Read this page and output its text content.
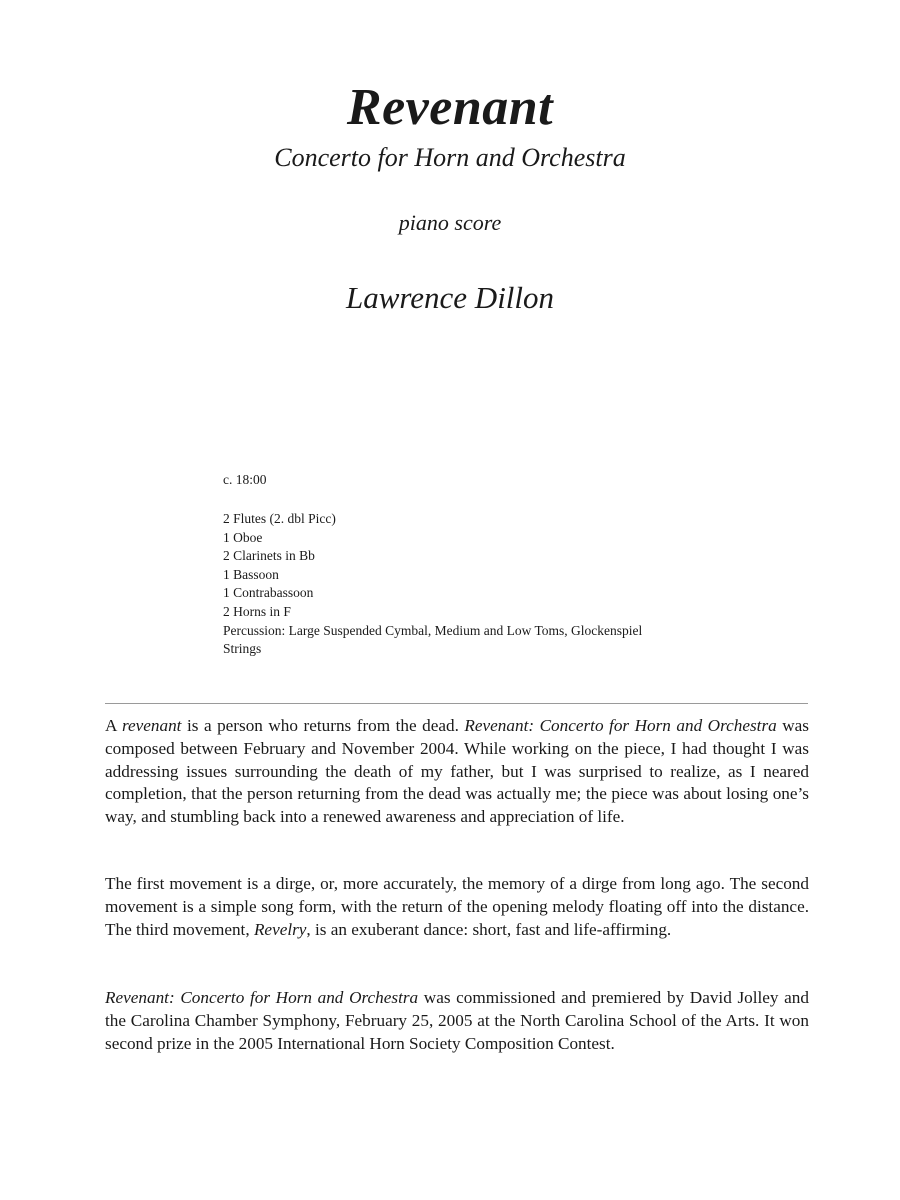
Revenant
Concerto for Horn and Orchestra
piano score
Lawrence Dillon
c. 18:00
2 Flutes (2. dbl Picc)
1 Oboe
2 Clarinets in Bb
1 Bassoon
1 Contrabassoon
2 Horns in F
Percussion: Large Suspended Cymbal, Medium and Low Toms, Glockenspiel
Strings

A revenant is a person who returns from the dead. Revenant: Concerto for Horn and Orchestra was composed between February and November 2004. While working on the piece, I had thought I was addressing issues surrounding the death of my father, but I was surprised to realize, as I neared completion, that the person returning from the dead was actually me; the piece was about losing one’s way, and stumbling back into a renewed awareness and appreciation of life.

The first movement is a dirge, or, more accurately, the memory of a dirge from long ago. The second movement is a simple song form, with the return of the opening melody floating off into the distance. The third movement, Revelry, is an exuberant dance: short, fast and life-affirming.

Revenant: Concerto for Horn and Orchestra was commissioned and premiered by David Jolley and the Carolina Chamber Symphony, February 25, 2005 at the North Carolina School of the Arts. It won second prize in the 2005 International Horn Society Composition Contest.
